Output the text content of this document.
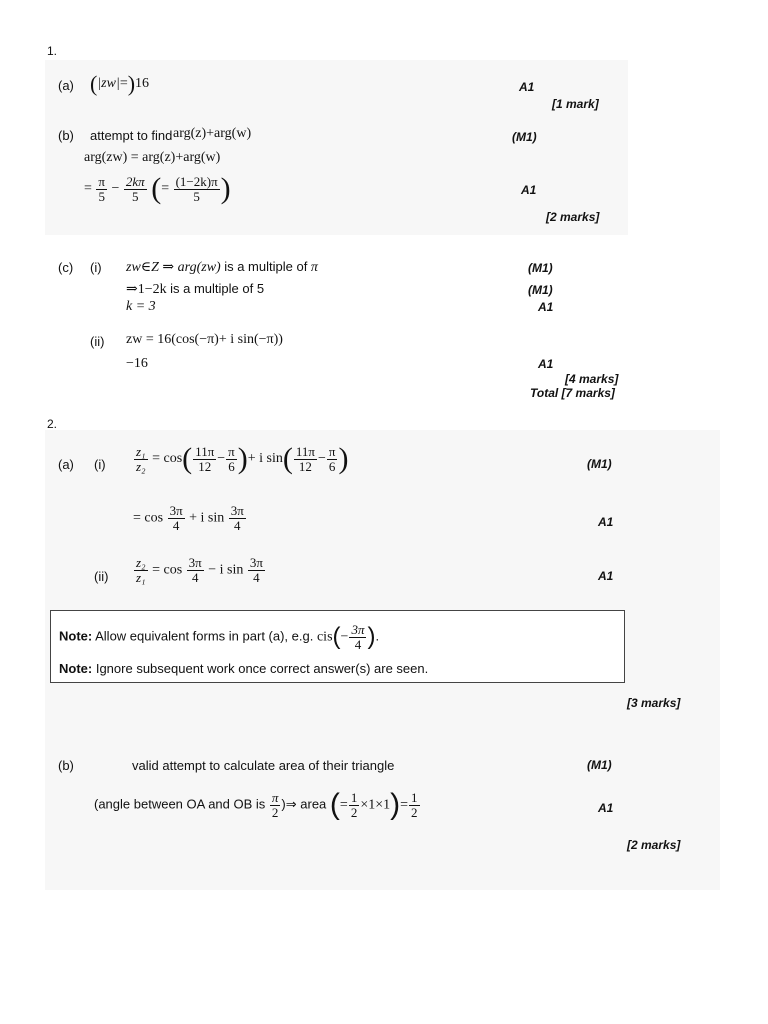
1.
(a) (|zw|=)16	A1
[1 mark]
(b) attempt to find arg(z)+arg(w)	(M1)
arg(zw) = arg(z)+arg(w)
= $\frac{\pi}{5} - \frac{2k\pi}{5}$ (= $\frac{(1-2k)\pi}{5}$ )	A1
[2 marks]
(c) (i) zw∈Z ⇒ arg(zw) is a multiple of π	(M1)
⇒1−2k is a multiple of 5	(M1)
k = 3	A1
(ii) zw = 16(cos(−π)+ i sin(−π))
−16	A1
[4 marks]
Total [7 marks]
2.
(a) $(i) \frac{\text{z₁}}{\text{z₂}} = \cos( \frac{11\pi}{12} - \frac{\pi}{6}$ )+ i $\sin( \frac{11\pi}{12} - \frac{\pi}{6}$ )	(M1)
= $\cos \frac{3\pi}{4} + i$ $\sin \frac{3\pi}{4}$	A1
$(ii) \frac{\text{z₂}}{\text{z₁}} = \cos \frac{3\pi}{4} - i$ $\sin \frac{3\pi}{4}$	A1
Note: Allow equivalent forms in part (a), e.g. $cis(- \frac{3\pi}{4}$ ).
Note: Ignore subsequent work once correct answer(s) are seen.
[3 marks]
(b)	valid attempt to calculate area of their triangle	(M1)
(angle between OA and OB is $\frac{\pi}{2}$ )⇒ area (= $\frac{1}{2} \times 1\times 1)= \frac{1}{2}$	A1
[2 marks]
